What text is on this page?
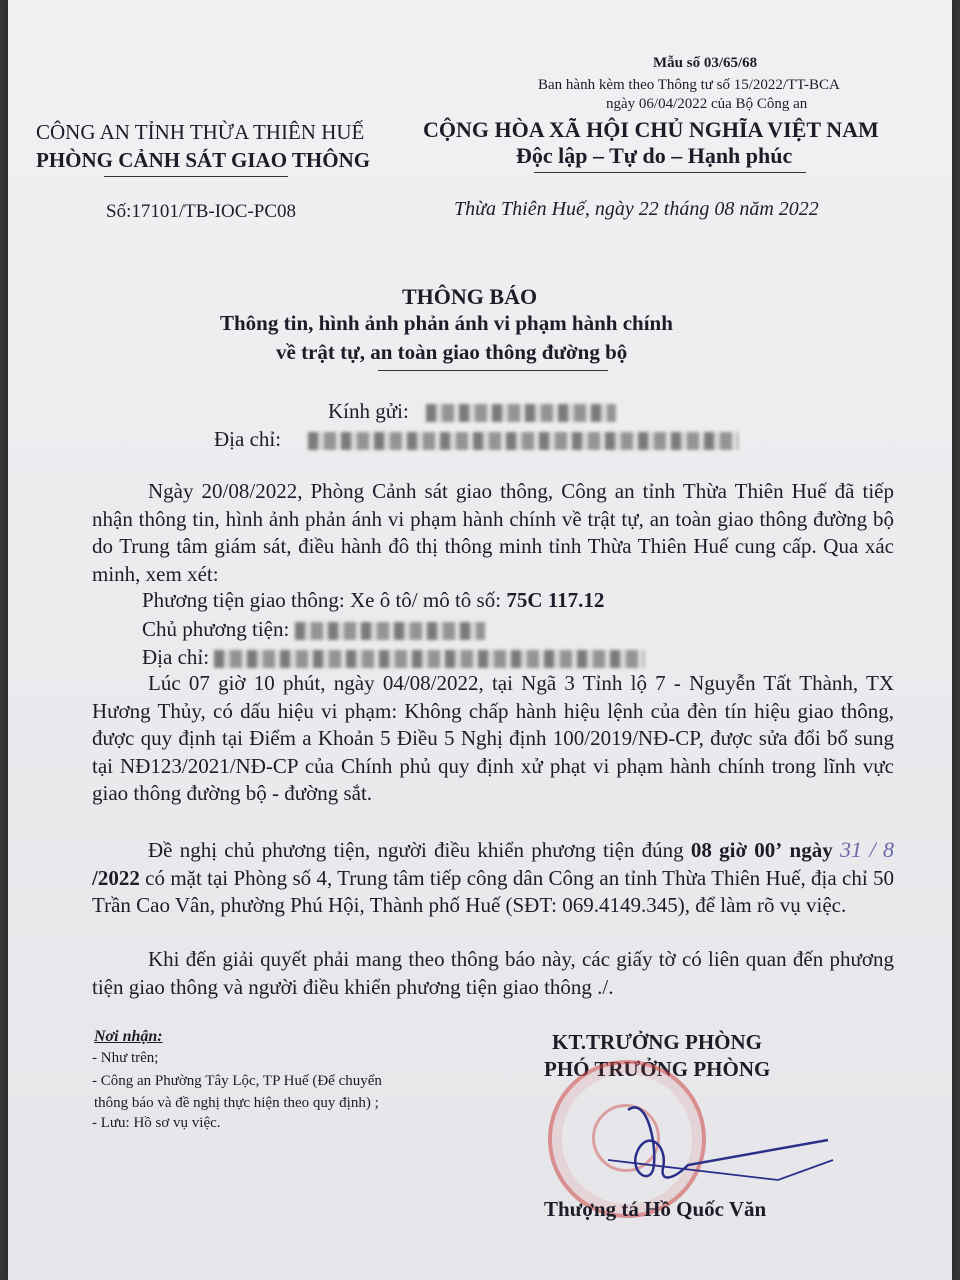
Mẫu số 03/65/68
Ban hành kèm theo Thông tư số 15/2022/TT-BCA
ngày 06/04/2022 của Bộ Công an
CÔNG AN TỈNH THỪA THIÊN HUẾ
PHÒNG CẢNH SÁT GIAO THÔNG
Số:17101/TB-IOC-PC08
CỘNG HÒA XÃ HỘI CHỦ NGHĨA VIỆT NAM
Độc lập – Tự do – Hạnh phúc
Thừa Thiên Huế, ngày 22 tháng 08 năm 2022
THÔNG BÁO
Thông tin, hình ảnh phản ánh vi phạm hành chính
về trật tự, an toàn giao thông đường bộ
Kính gửi:
Địa chỉ:
Ngày 20/08/2022, Phòng Cảnh sát giao thông, Công an tỉnh Thừa Thiên Huế đã tiếp nhận thông tin, hình ảnh phản ánh vi phạm hành chính về trật tự, an toàn giao thông đường bộ do Trung tâm giám sát, điều hành đô thị thông minh tỉnh Thừa Thiên Huế cung cấp. Qua xác minh, xem xét:
Phương tiện giao thông: Xe ô tô/ mô tô số: 75C 117.12
Chủ phương tiện:
Địa chỉ:
Lúc 07 giờ 10 phút, ngày 04/08/2022, tại Ngã 3 Tỉnh lộ 7 - Nguyễn Tất Thành, TX Hương Thủy, có dấu hiệu vi phạm: Không chấp hành hiệu lệnh của đèn tín hiệu giao thông, được quy định tại Điểm a Khoản 5 Điều 5 Nghị định 100/2019/NĐ-CP, được sửa đổi bổ sung tại NĐ123/2021/NĐ-CP của Chính phủ quy định xử phạt vi phạm hành chính trong lĩnh vực giao thông đường bộ - đường sắt.
Đề nghị chủ phương tiện, người điều khiển phương tiện đúng 08 giờ 00’ ngày 31 / 8 /2022 có mặt tại Phòng số 4, Trung tâm tiếp công dân Công an tỉnh Thừa Thiên Huế, địa chỉ 50 Trần Cao Vân, phường Phú Hội, Thành phố Huế (SĐT: 069.4149.345), để làm rõ vụ việc.
Khi đến giải quyết phải mang theo thông báo này, các giấy tờ có liên quan đến phương tiện giao thông và người điều khiển phương tiện giao thông ./.
Nơi nhận:
- Như trên;
- Công an Phường Tây Lộc, TP Huế (Để chuyển
thông báo và đề nghị thực hiện theo quy định) ;
- Lưu: Hồ sơ vụ việc.
KT.TRƯỞNG PHÒNG
PHÓ TRƯỞNG PHÒNG
Thượng tá Hồ Quốc Văn
